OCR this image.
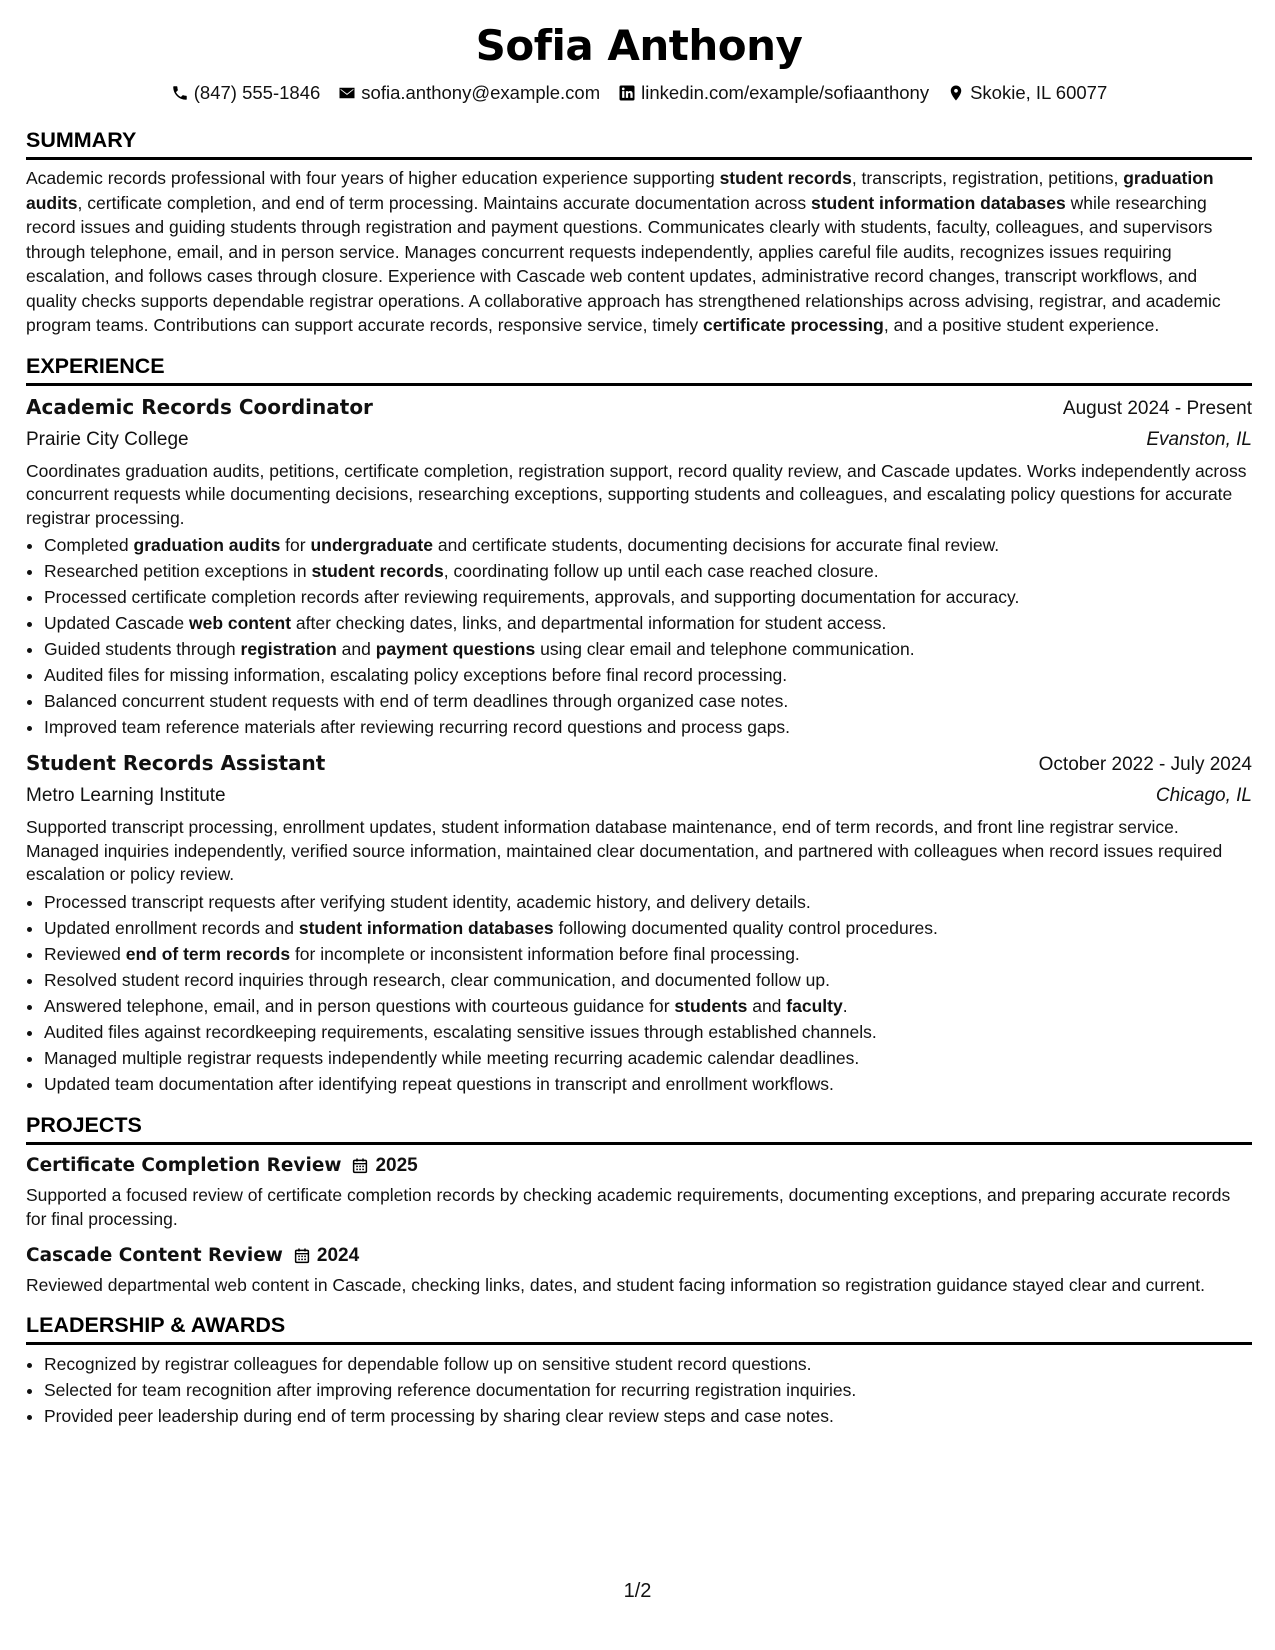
Sofia Anthony
(847) 555-1846 sofia.anthony@example.com linkedin.com/example/sofiaanthony Skokie, IL 60077
SUMMARY

Academic records professional with four years of higher education experience supporting student records, transcripts, registration, petitions, graduation audits, certificate completion, and end of term processing. Maintains accurate documentation across student information databases while researching record issues and guiding students through registration and payment questions. Communicates clearly with students, faculty, colleagues, and supervisors through telephone, email, and in person service. Manages concurrent requests independently, applies careful file audits, recognizes issues requiring escalation, and follows cases through closure. Experience with Cascade web content updates, administrative record changes, transcript workflows, and quality checks supports dependable registrar operations. A collaborative approach has strengthened relationships across advising, registrar, and academic program teams. Contributions can support accurate records, responsive service, timely certificate processing, and a positive student experience.

EXPERIENCE
Academic Records Coordinator	August 2024 - Present
Prairie City College	Evanston, IL
Coordinates graduation audits, petitions, certificate completion, registration support, record quality review, and Cascade updates. Works independently across concurrent requests while documenting decisions, researching exceptions, supporting students and colleagues, and escalating policy questions for accurate registrar processing.
• Completed graduation audits for undergraduate and certificate students, documenting decisions for accurate final review.
• Researched petition exceptions in student records, coordinating follow up until each case reached closure.
• Processed certificate completion records after reviewing requirements, approvals, and supporting documentation for accuracy.
• Updated Cascade web content after checking dates, links, and departmental information for student access.
• Guided students through registration and payment questions using clear email and telephone communication.
• Audited files for missing information, escalating policy exceptions before final record processing.
• Balanced concurrent student requests with end of term deadlines through organized case notes.
• Improved team reference materials after reviewing recurring record questions and process gaps.
Student Records Assistant	October 2022 - July 2024
Metro Learning Institute	Chicago, IL
Supported transcript processing, enrollment updates, student information database maintenance, end of term records, and front line registrar service. Managed inquiries independently, verified source information, maintained clear documentation, and partnered with colleagues when record issues required escalation or policy review.
• Processed transcript requests after verifying student identity, academic history, and delivery details.
• Updated enrollment records and student information databases following documented quality control procedures.
• Reviewed end of term records for incomplete or inconsistent information before final processing.
• Resolved student record inquiries through research, clear communication, and documented follow up.
• Answered telephone, email, and in person questions with courteous guidance for students and faculty.
• Audited files against recordkeeping requirements, escalating sensitive issues through established channels.
• Managed multiple registrar requests independently while meeting recurring academic calendar deadlines.
• Updated team documentation after identifying repeat questions in transcript and enrollment workflows.
PROJECTS
Certificate Completion Review 2025
Supported a focused review of certificate completion records by checking academic requirements, documenting exceptions, and preparing accurate records for final processing.
Cascade Content Review 2024
Reviewed departmental web content in Cascade, checking links, dates, and student facing information so registration guidance stayed clear and current.
LEADERSHIP & AWARDS
• Recognized by registrar colleagues for dependable follow up on sensitive student record questions.
• Selected for team recognition after improving reference documentation for recurring registration inquiries.
• Provided peer leadership during end of term processing by sharing clear review steps and case notes.
1/2
